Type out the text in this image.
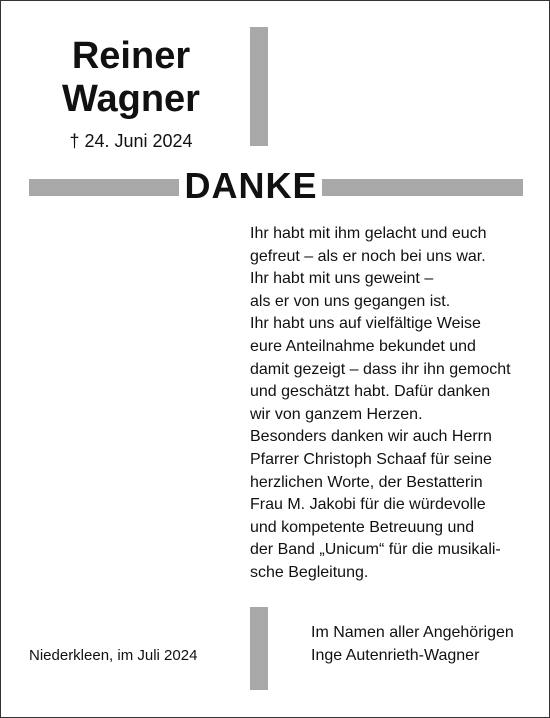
Reiner
Wagner
† 24. Juni 2024
DANKE
Ihr habt mit ihm gelacht und euch
gefreut – als er noch bei uns war.
Ihr habt mit uns geweint –
als er von uns gegangen ist.
Ihr habt uns auf vielfältige Weise
eure Anteilnahme bekundet und
damit gezeigt – dass ihr ihn gemocht
und geschätzt habt. Dafür danken
wir von ganzem Herzen.
Besonders danken wir auch Herrn
Pfarrer Christoph Schaaf für seine
herzlichen Worte, der Bestatterin
Frau M. Jakobi für die würdevolle
und kompetente Betreuung und
der Band „Unicum“ für die musikali-
sche Begleitung.
Niederkleen, im Juli 2024
Im Namen aller Angehörigen
Inge Autenrieth-Wagner
